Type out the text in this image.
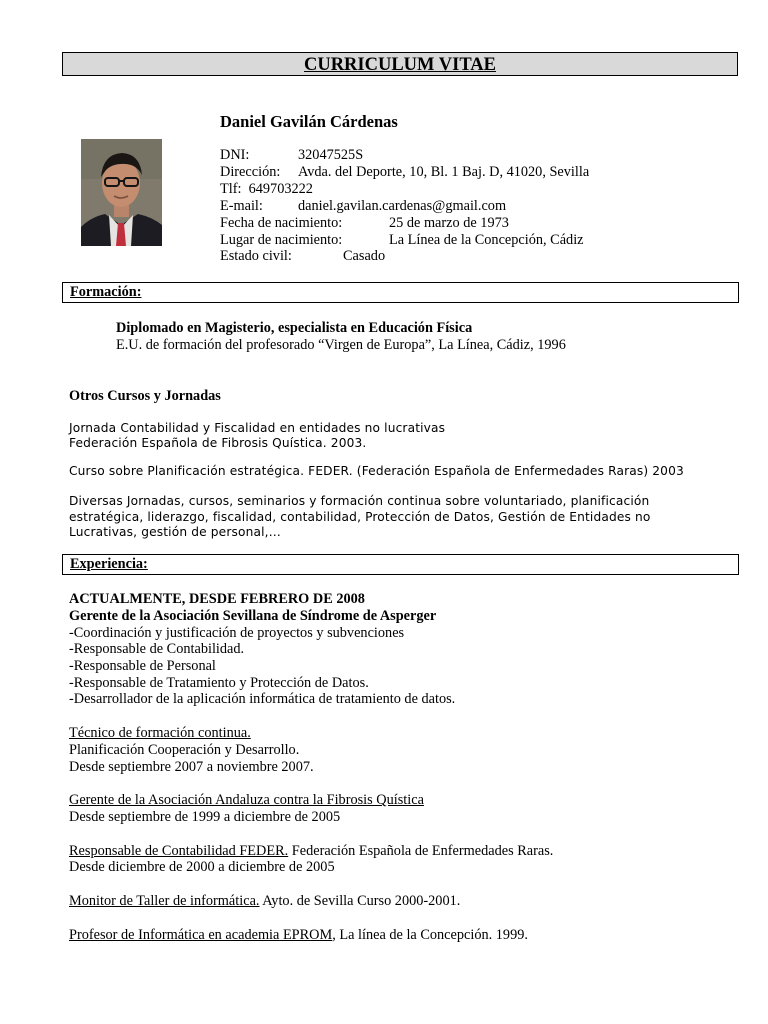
CURRICULUM VITAE
Daniel Gavilán Cárdenas
DNI:	32047525S
Dirección: Avda. del Deporte, 10, Bl. 1 Baj. D, 41020, Sevilla
Tlf: 649703222
E-mail: daniel.gavilan.cardenas@gmail.com
Fecha de nacimiento:	25 de marzo de 1973
Lugar de nacimiento:	La Línea de la Concepción, Cádiz
Estado civil:	Casado
Formación:
Diplomado en Magisterio, especialista en Educación Física
E.U. de formación del profesorado “Virgen de Europa”, La Línea, Cádiz, 1996
Otros Cursos y Jornadas
Jornada Contabilidad y Fiscalidad en entidades no lucrativas
Federación Española de Fibrosis Quística. 2003.
Curso sobre Planificación estratégica. FEDER. (Federación Española de Enfermedades Raras) 2003
Diversas Jornadas, cursos, seminarios y formación continua sobre voluntariado, planificación
estratégica, liderazgo, fiscalidad, contabilidad, Protección de Datos, Gestión de Entidades no
Lucrativas, gestión de personal,…
Experiencia:
ACTUALMENTE, DESDE FEBRERO DE 2008
Gerente de la Asociación Sevillana de Síndrome de Asperger
-Coordinación y justificación de proyectos y subvenciones
-Responsable de Contabilidad.
-Responsable de Personal
-Responsable de Tratamiento y Protección de Datos.
-Desarrollador de la aplicación informática de tratamiento de datos.
Técnico de formación continua.
Planificación Cooperación y Desarrollo.
Desde septiembre 2007 a noviembre 2007.
Gerente de la Asociación Andaluza contra la Fibrosis Quística
Desde septiembre de 1999 a diciembre de 2005
Responsable de Contabilidad FEDER. Federación Española de Enfermedades Raras.
Desde diciembre de 2000 a diciembre de 2005
Monitor de Taller de informática. Ayto. de Sevilla Curso 2000-2001.
Profesor de Informática en academia EPROM, La línea de la Concepción. 1999.
